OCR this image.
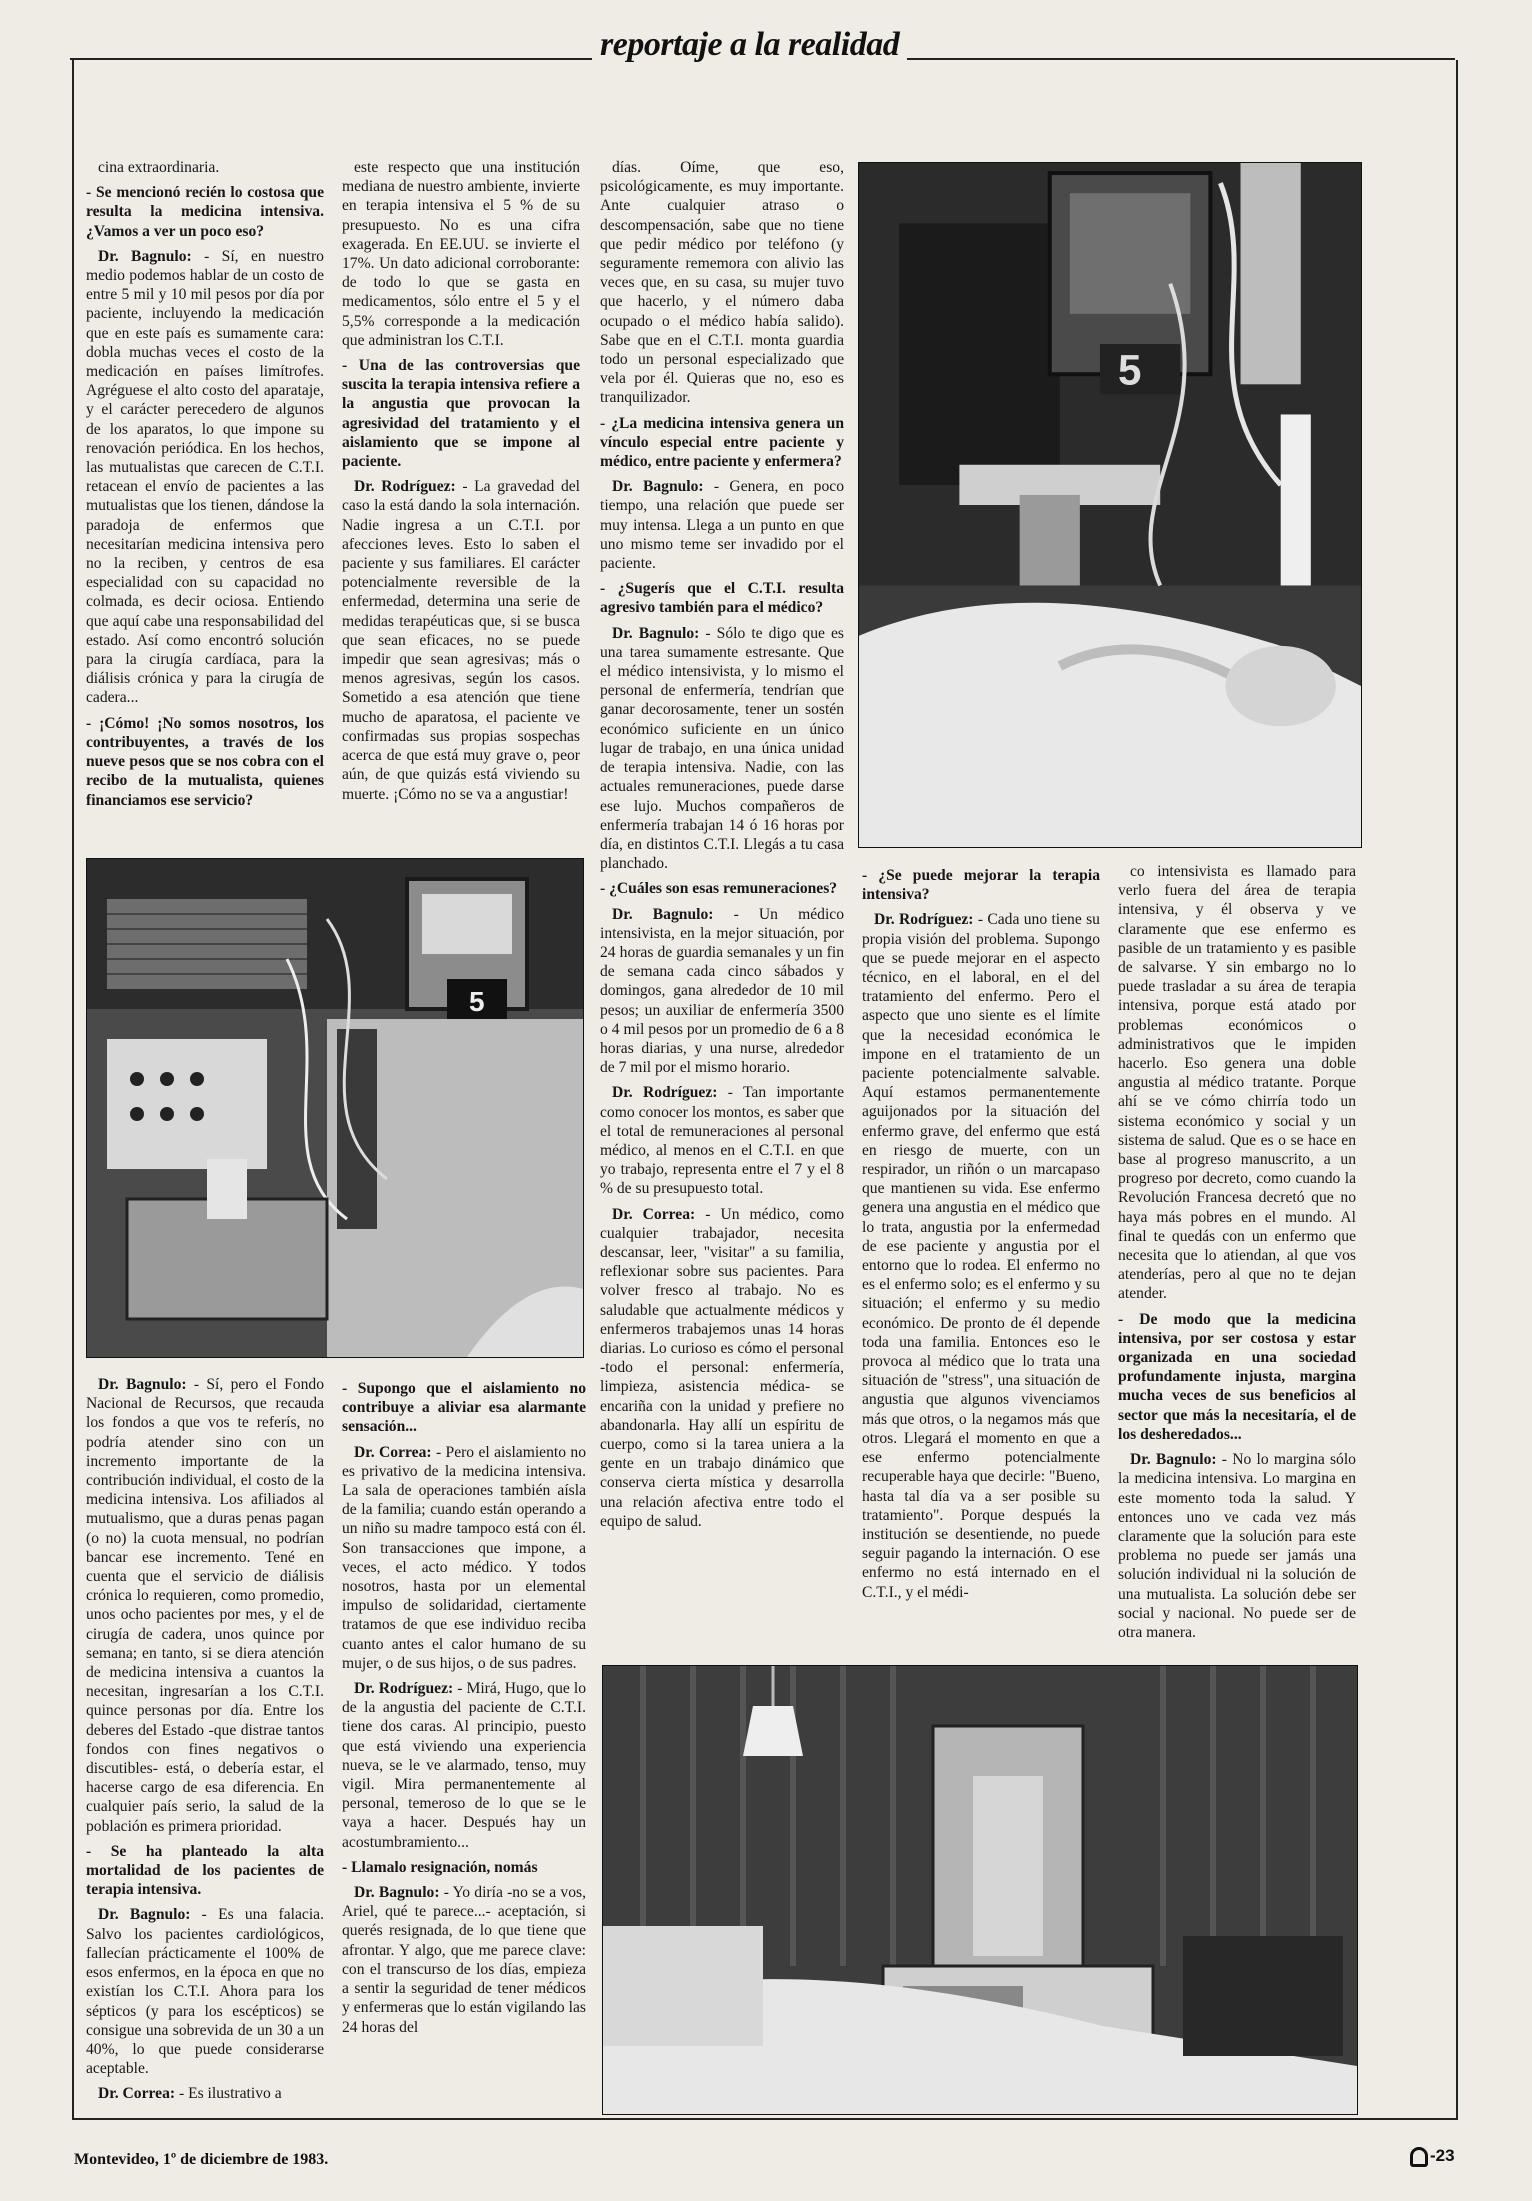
reportaje a la realidad

cina extraordinaria.

- Se mencionó recién lo costosa que resulta la medicina intensiva. ¿Vamos a ver un poco eso?

Dr. Bagnulo: - Sí, en nuestro medio podemos hablar de un costo de entre 5 mil y 10 mil pesos por día por paciente, incluyendo la medicación que en este país es sumamente cara: dobla muchas veces el costo de la medicación en países limítrofes. Agréguese el alto costo del aparataje, y el carácter perecedero de algunos de los aparatos, lo que impone su renovación periódica. En los hechos, las mutualistas que carecen de C.T.I. retacean el envío de pacientes a las mutualistas que los tienen, dándose la paradoja de enfermos que necesitarían medicina intensiva pero no la reciben, y centros de esa especialidad con su capacidad no colmada, es decir ociosa. Entiendo que aquí cabe una responsabilidad del estado. Así como encontró solución para la cirugía cardíaca, para la diálisis crónica y para la cirugía de cadera...

- ¡Cómo! ¡No somos nosotros, los contribuyentes, a través de los nueve pesos que se nos cobra con el recibo de la mutualista, quienes financiamos ese servicio?

este respecto que una institución mediana de nuestro ambiente, invierte en terapia intensiva el 5 % de su presupuesto. No es una cifra exagerada. En EE.UU. se invierte el 17%. Un dato adicional corroborante: de todo lo que se gasta en medicamentos, sólo entre el 5 y el 5,5% corresponde a la medicación que administran los C.T.I.

- Una de las controversias que suscita la terapia intensiva refiere a la angustia que provocan la agresividad del tratamiento y el aislamiento que se impone al paciente.

Dr. Rodríguez: - La gravedad del caso la está dando la sola internación. Nadie ingresa a un C.T.I. por afecciones leves. Esto lo saben el paciente y sus familiares. El carácter potencialmente reversible de la enfermedad, determina una serie de medidas terapéuticas que, si se busca que sean eficaces, no se puede impedir que sean agresivas; más o menos agresivas, según los casos. Sometido a esa atención que tiene mucho de aparatosa, el paciente ve confirmadas sus propias sospechas acerca de que está muy grave o, peor aún, de que quizás está viviendo su muerte. ¡Cómo no se va a angustiar!

días. Oíme, que eso, psicológicamente, es muy importante. Ante cualquier atraso o descompensación, sabe que no tiene que pedir médico por teléfono (y seguramente rememora con alivio las veces que, en su casa, su mujer tuvo que hacerlo, y el número daba ocupado o el médico había salido). Sabe que en el C.T.I. monta guardia todo un personal especializado que vela por él. Quieras que no, eso es tranquilizador.

- ¿La medicina intensiva genera un vínculo especial entre paciente y médico, entre paciente y enfermera?

Dr. Bagnulo: - Genera, en poco tiempo, una relación que puede ser muy intensa. Llega a un punto en que uno mismo teme ser invadido por el paciente.

- ¿Sugerís que el C.T.I. resulta agresivo también para el médico?

Dr. Bagnulo: - Sólo te digo que es una tarea sumamente estresante. Que el médico intensivista, y lo mismo el personal de enfermería, tendrían que ganar decorosamente, tener un sostén económico suficiente en un único lugar de trabajo, en una única unidad de terapia intensiva. Nadie, con las actuales remuneraciones, puede darse ese lujo. Muchos compañeros de enfermería trabajan 14 ó 16 horas por día, en distintos C.T.I. Llegás a tu casa planchado.

- ¿Cuáles son esas remuneraciones?

Dr. Bagnulo: - Un médico intensivista, en la mejor situación, por 24 horas de guardia semanales y un fin de semana cada cinco sábados y domingos, gana alrededor de 10 mil pesos; un auxiliar de enfermería 3500 o 4 mil pesos por un promedio de 6 a 8 horas diarias, y una nurse, alrededor de 7 mil por el mismo horario.

Dr. Rodríguez: - Tan importante como conocer los montos, es saber que el total de remuneraciones al personal médico, al menos en el C.T.I. en que yo trabajo, representa entre el 7 y el 8 % de su presupuesto total.

Dr. Correa: - Un médico, como cualquier trabajador, necesita descansar, leer, "visitar" a su familia, reflexionar sobre sus pacientes. Para volver fresco al trabajo. No es saludable que actualmente médicos y enfermeros trabajemos unas 14 horas diarias. Lo curioso es cómo el personal -todo el personal: enfermería, limpieza, asistencia médica- se encariña con la unidad y prefiere no abandonarla. Hay allí un espíritu de cuerpo, como si la tarea uniera a la gente en un trabajo dinámico que conserva cierta mística y desarrolla una relación afectiva entre todo el equipo de salud.

- ¿Se puede mejorar la terapia intensiva?

Dr. Rodríguez: - Cada uno tiene su propia visión del problema. Supongo que se puede mejorar en el aspecto técnico, en el laboral, en el del tratamiento del enfermo. Pero el aspecto que uno siente es el límite que la necesidad económica le impone en el tratamiento de un paciente potencialmente salvable. Aquí estamos permanentemente aguijonados por la situación del enfermo grave, del enfermo que está en riesgo de muerte, con un respirador, un riñón o un marcapaso que mantienen su vida. Ese enfermo genera una angustia en el médico que lo trata, angustia por la enfermedad de ese paciente y angustia por el entorno que lo rodea. El enfermo no es el enfermo solo; es el enfermo y su situación; el enfermo y su medio económico. De pronto de él depende toda una familia. Entonces eso le provoca al médico que lo trata una situación de "stress", una situación de angustia que algunos vivenciamos más que otros, o la negamos más que otros. Llegará el momento en que a ese enfermo potencialmente recuperable haya que decirle: "Bueno, hasta tal día va a ser posible su tratamiento". Porque después la institución se desentiende, no puede seguir pagando la internación. O ese enfermo no está internado en el C.T.I., y el médi-

co intensivista es llamado para verlo fuera del área de terapia intensiva, y él observa y ve claramente que ese enfermo es pasible de un tratamiento y es pasible de salvarse. Y sin embargo no lo puede trasladar a su área de terapia intensiva, porque está atado por problemas económicos o administrativos que le impiden hacerlo. Eso genera una doble angustia al médico tratante. Porque ahí se ve cómo chirría todo un sistema económico y social y un sistema de salud. Que es o se hace en base al progreso manuscrito, a un progreso por decreto, como cuando la Revolución Francesa decretó que no haya más pobres en el mundo. Al final te quedás con un enfermo que necesita que lo atiendan, al que vos atenderías, pero al que no te dejan atender.

- De modo que la medicina intensiva, por ser costosa y estar organizada en una sociedad profundamente injusta, margina mucha veces de sus beneficios al sector que más la necesitaría, el de los desheredados...

Dr. Bagnulo: - No lo margina sólo la medicina intensiva. Lo margina en este momento toda la salud. Y entonces uno ve cada vez más claramente que la solución para este problema no puede ser jamás una solución individual ni la solución de una mutualista. La solución debe ser social y nacional. No puede ser de otra manera.

Dr. Bagnulo: - Sí, pero el Fondo Nacional de Recursos, que recauda los fondos a que vos te referís, no podría atender sino con un incremento importante de la contribución individual, el costo de la medicina intensiva. Los afiliados al mutualismo, que a duras penas pagan (o no) la cuota mensual, no podrían bancar ese incremento. Tené en cuenta que el servicio de diálisis crónica lo requieren, como promedio, unos ocho pacientes por mes, y el de cirugía de cadera, unos quince por semana; en tanto, si se diera atención de medicina intensiva a cuantos la necesitan, ingresarían a los C.T.I. quince personas por día. Entre los deberes del Estado -que distrae tantos fondos con fines negativos o discutibles- está, o debería estar, el hacerse cargo de esa diferencia. En cualquier país serio, la salud de la población es primera prioridad.

- Se ha planteado la alta mortalidad de los pacientes de terapia intensiva.

Dr. Bagnulo: - Es una falacia. Salvo los pacientes cardiológicos, fallecían prácticamente el 100% de esos enfermos, en la época en que no existían los C.T.I. Ahora para los sépticos (y para los escépticos) se consigue una sobrevida de un 30 a un 40%, lo que puede considerarse aceptable.

Dr. Correa: - Es ilustrativo a

- Supongo que el aislamiento no contribuye a aliviar esa alarmante sensación...

Dr. Correa: - Pero el aislamiento no es privativo de la medicina intensiva. La sala de operaciones también aísla de la familia; cuando están operando a un niño su madre tampoco está con él. Son transacciones que impone, a veces, el acto médico. Y todos nosotros, hasta por un elemental impulso de solidaridad, ciertamente tratamos de que ese individuo reciba cuanto antes el calor humano de su mujer, o de sus hijos, o de sus padres.

Dr. Rodríguez: - Mirá, Hugo, que lo de la angustia del paciente de C.T.I. tiene dos caras. Al principio, puesto que está viviendo una experiencia nueva, se le ve alarmado, tenso, muy vigil. Mira permanentemente al personal, temeroso de lo que se le vaya a hacer. Después hay un acostumbramiento...

- Llamalo resignación, nomás

Dr. Bagnulo: - Yo diría -no se a vos, Ariel, qué te parece...- aceptación, si querés resignada, de lo que tiene que afrontar. Y algo, que me parece clave: con el transcurso de los días, empieza a sentir la seguridad de tener médicos y enfermeras que lo están vigilando las 24 horas del

5
5
Montevideo, 1º de diciembre de 1983.	-23
